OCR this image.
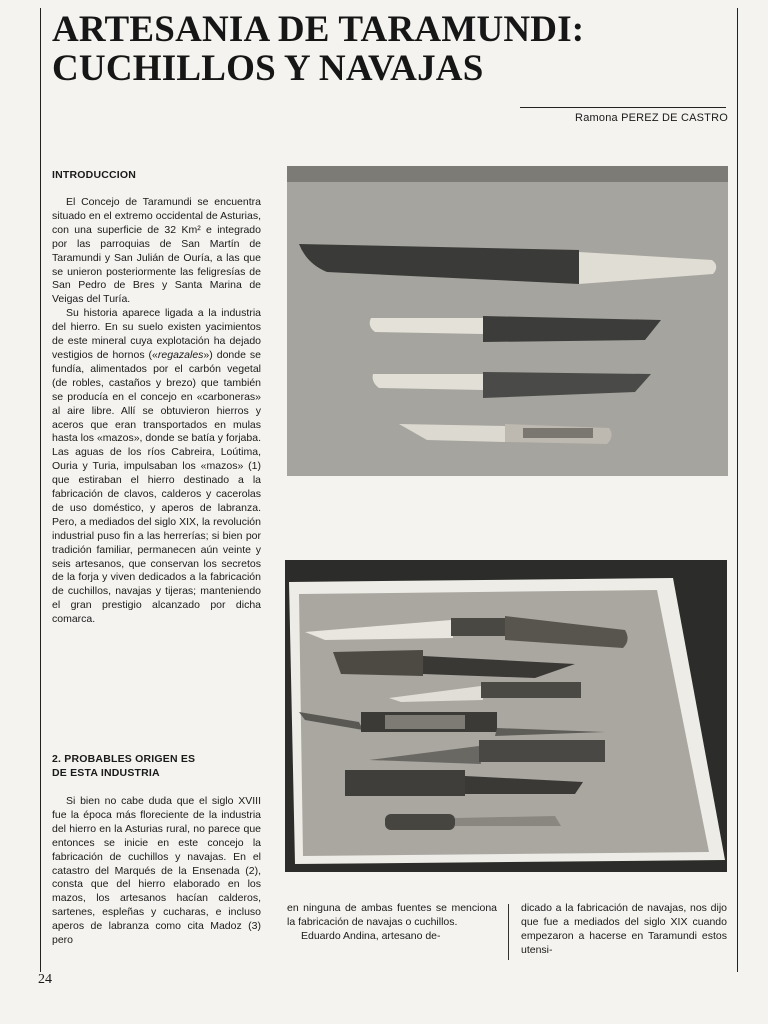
ARTESANIA DE TARAMUNDI:
CUCHILLOS Y NAVAJAS
Ramona PEREZ DE CASTRO

INTRODUCCION

El Concejo de Taramundi se encuentra situado en el extremo occidental de Asturias, con una superficie de 32 Km² e integrado por las parroquias de San Martín de Taramundi y San Julián de Ouría, a las que se unieron posteriormente las feligresías de San Pedro de Bres y Santa Marina de Veigas del Turía.

Su historia aparece ligada a la industria del hierro. En su suelo existen yacimientos de este mineral cuya explotación ha dejado vestigios de hornos («regazales») donde se fundía, alimentados por el carbón vegetal (de robles, castaños y brezo) que también se producía en el concejo en «carboneras» al aire libre. Allí se obtuvieron hierros y aceros que eran transportados en mulas hasta los «mazos», donde se batía y forjaba. Las aguas de los ríos Cabreira, Loútima, Ouria y Turia, impulsaban los «mazos» (1) que estiraban el hierro destinado a la fabricación de clavos, calderos y cacerolas de uso doméstico, y aperos de labranza. Pero, a mediados del siglo XIX, la revolución industrial puso fin a las herrerías; si bien por tradición familiar, permanecen aún veinte y seis artesanos, que conservan los secretos de la forja y viven dedicados a la fabricación de cuchillos, navajas y tijeras; manteniendo el gran prestigio alcanzado por dicha comarca.

2. PROBABLES ORIGEN ES
DE ESTA INDUSTRIA

Si bien no cabe duda que el siglo XVIII fue la época más floreciente de la industria del hierro en la Asturias rural, no parece que entonces se inicie en este concejo la fabricación de cuchillos y navajas. En el catastro del Marqués de la Ensenada (2), consta que del hierro elaborado en los mazos, los artesanos hacían calderos, sartenes, espleñas y cucharas, e incluso aperos de labranza como cita Madoz (3) pero

en ninguna de ambas fuentes se menciona la fabricación de navajas o cuchillos.

Eduardo Andina, artesano de-

dicado a la fabricación de navajas, nos dijo que fue a mediados del siglo XIX cuando empezaron a hacerse en Taramundi estos utensi-

24
